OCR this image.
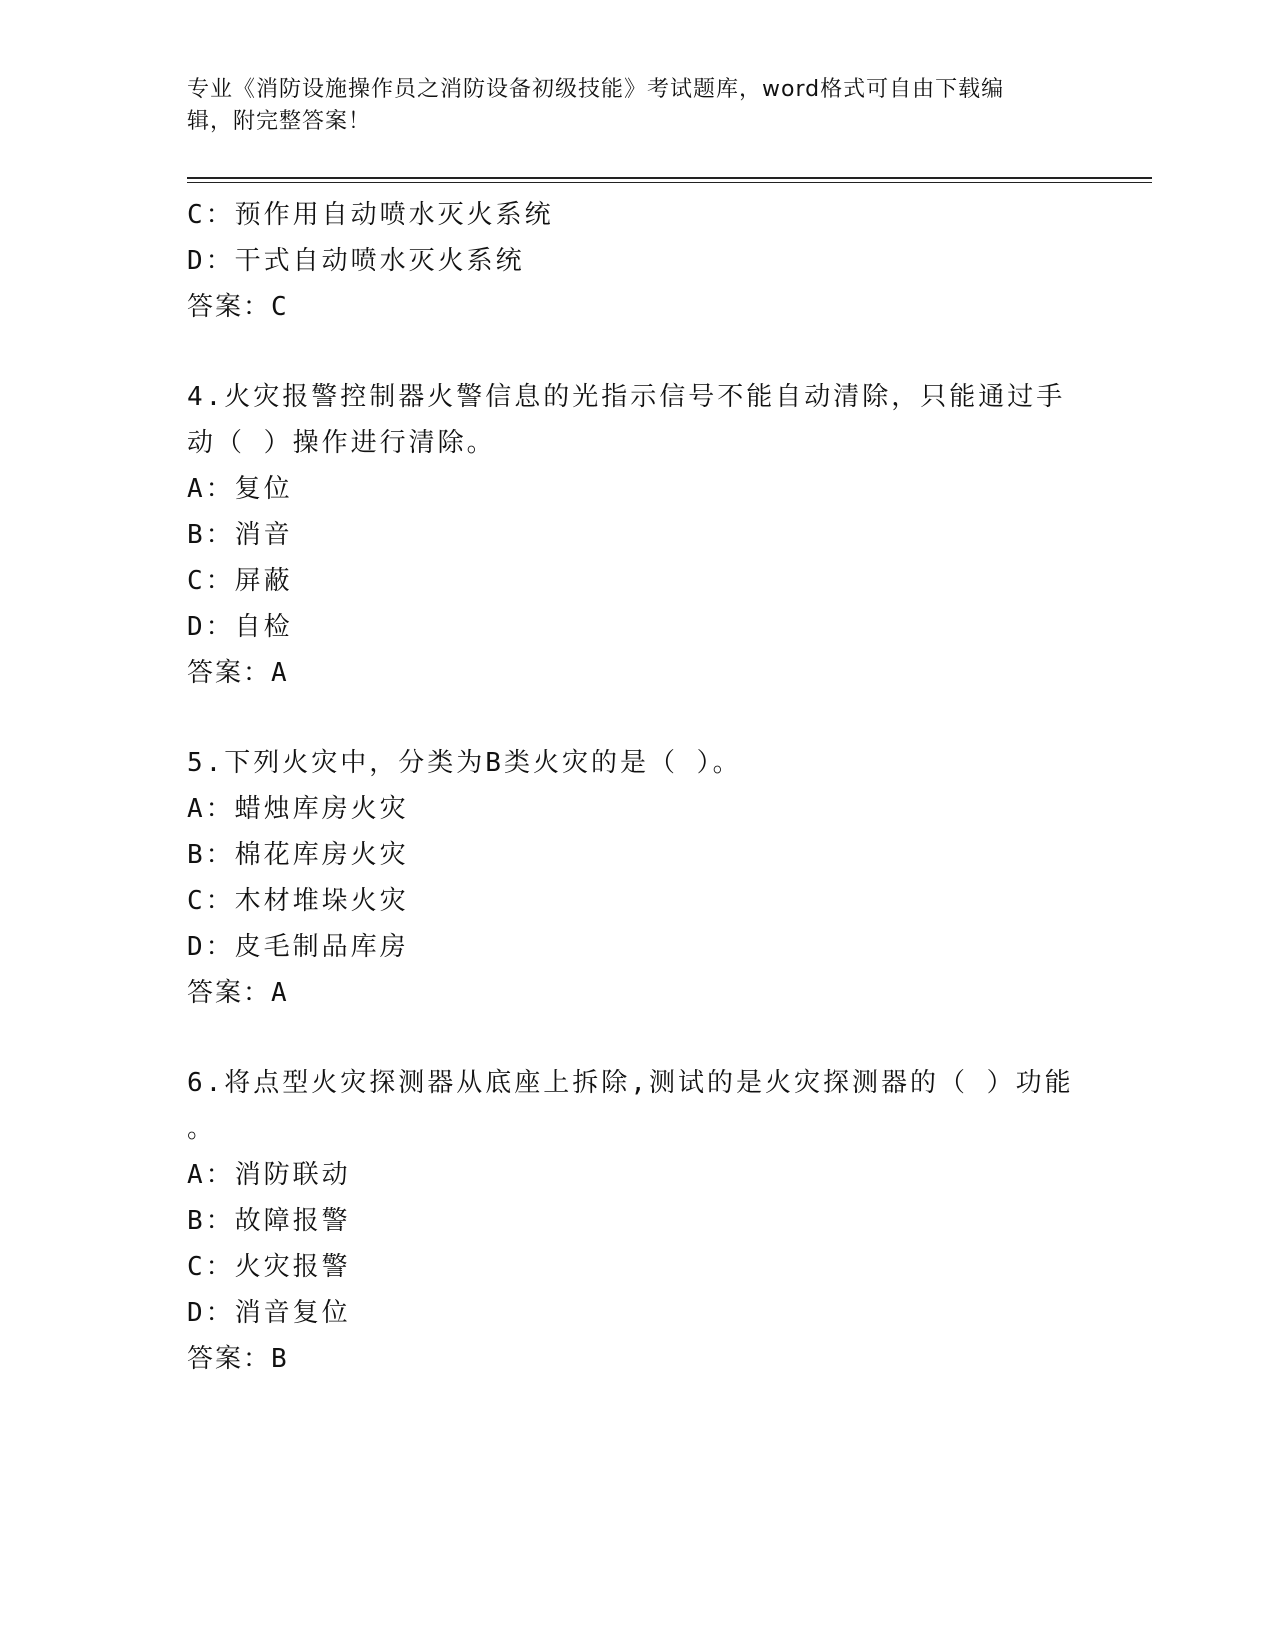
专业《消防设施操作员之消防设备初级技能》考试题库，word格式可自由下载编
辑，附完整答案！
C：预作用自动喷水灭火系统
D：干式自动喷水灭火系统
答案：C
4.火灾报警控制器火警信息的光指示信号不能自动清除，只能通过手
动（ ）操作进行清除。
A：复位
B：消音
C：屏蔽
D：自检
答案：A
5.下列火灾中，分类为B类火灾的是（ ）。
A：蜡烛库房火灾
B：棉花库房火灾
C：木材堆垛火灾
D：皮毛制品库房
答案：A
6.将点型火灾探测器从底座上拆除,测试的是火灾探测器的（ ）功能
。
A：消防联动
B：故障报警
C：火灾报警
D：消音复位
答案：B
